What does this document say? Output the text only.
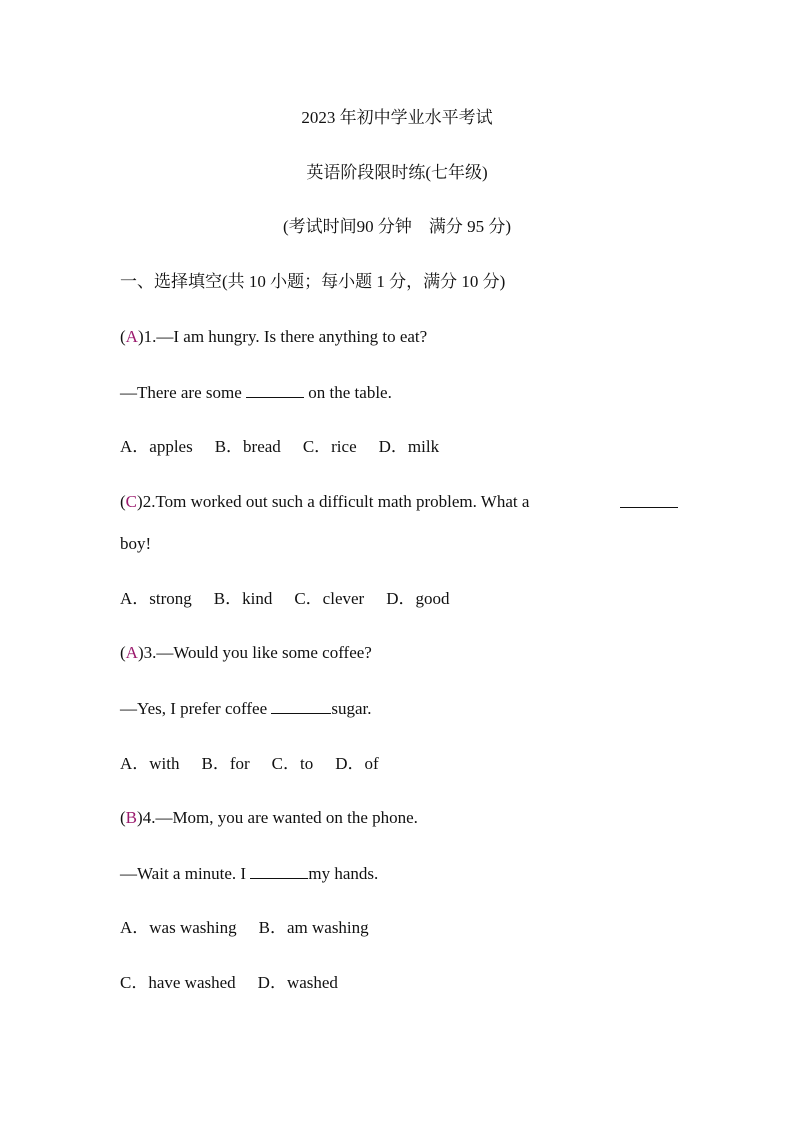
2023 年初中学业水平考试
英语阶段限时练(七年级)
(考试时间90 分钟　满分 95 分)
一、选择填空(共 10 小题；每小题 1 分，满分 10 分)
(A)1.—I am hungry. Is there anything to eat?
—There are some	on the table.
A．apples B．bread C．rice D．milk
(C)2.Tom worked out such a difficult math problem. What a
boy!
A．strong B．kind C．clever D．good
(A)3.—Would you like some coffee?
—Yes, I prefer coffee	sugar.
A．with B．for C．to D．of
(B)4.—Mom, you are wanted on the phone.
—Wait a minute. I	my hands.
A．was washing B．am washing
C．have washed D．washed
